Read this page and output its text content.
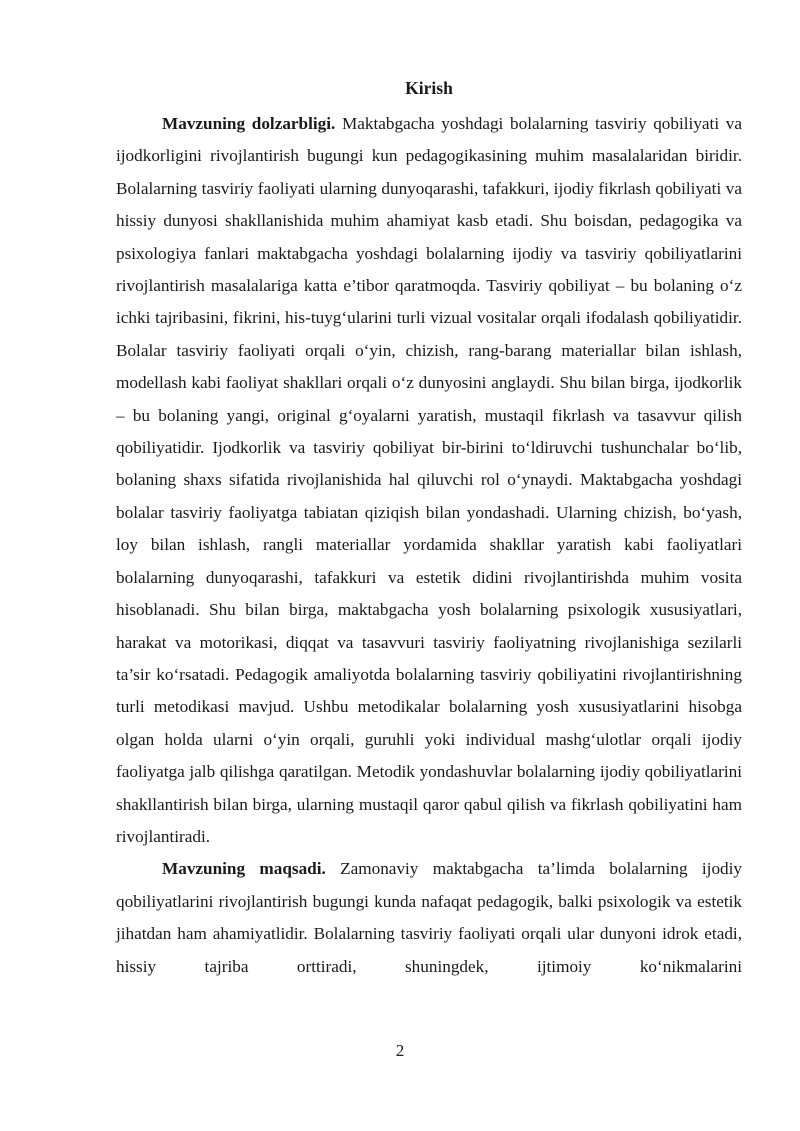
Kirish

Mavzuning dolzarbligi. Maktabgacha yoshdagi bolalarning tasviriy qobiliyati va ijodkorligini rivojlantirish bugungi kun pedagogikasining muhim masalalaridan biridir. Bolalarning tasviriy faoliyati ularning dunyoqarashi, tafakkuri, ijodiy fikrlash qobiliyati va hissiy dunyosi shakllanishida muhim ahamiyat kasb etadi. Shu boisdan, pedagogika va psixologiya fanlari maktabgacha yoshdagi bolalarning ijodiy va tasviriy qobiliyatlarini rivojlantirish masalalariga katta e’tibor qaratmoqda. Tasviriy qobiliyat – bu bolaning o‘z ichki tajribasini, fikrini, his-tuyg‘ularini turli vizual vositalar orqali ifodalash qobiliyatidir. Bolalar tasviriy faoliyati orqali o‘yin, chizish, rang-barang materiallar bilan ishlash, modellash kabi faoliyat shakllari orqali o‘z dunyosini anglaydi. Shu bilan birga, ijodkorlik – bu bolaning yangi, original g‘oyalarni yaratish, mustaqil fikrlash va tasavvur qilish qobiliyatidir. Ijodkorlik va tasviriy qobiliyat bir-birini to‘ldiruvchi tushunchalar bo‘lib, bolaning shaxs sifatida rivojlanishida hal qiluvchi rol o‘ynaydi. Maktabgacha yoshdagi bolalar tasviriy faoliyatga tabiatan qiziqish bilan yondashadi. Ularning chizish, bo‘yash, loy bilan ishlash, rangli materiallar yordamida shakllar yaratish kabi faoliyatlari bolalarning dunyoqarashi, tafakkuri va estetik didini rivojlantirishda muhim vosita hisoblanadi. Shu bilan birga, maktabgacha yosh bolalarning psixologik xususiyatlari, harakat va motorikasi, diqqat va tasavvuri tasviriy faoliyatning rivojlanishiga sezilarli ta’sir ko‘rsatadi. Pedagogik amaliyotda bolalarning tasviriy qobiliyatini rivojlantirishning turli metodikasi mavjud. Ushbu metodikalar bolalarning yosh xususiyatlarini hisobga olgan holda ularni o‘yin orqali, guruhli yoki individual mashg‘ulotlar orqali ijodiy faoliyatga jalb qilishga qaratilgan. Metodik yondashuvlar bolalarning ijodiy qobiliyatlarini shakllantirish bilan birga, ularning mustaqil qaror qabul qilish va fikrlash qobiliyatini ham rivojlantiradi.

Mavzuning maqsadi. Zamonaviy maktabgacha ta’limda bolalarning ijodiy qobiliyatlarini rivojlantirish bugungi kunda nafaqat pedagogik, balki psixologik va estetik jihatdan ham ahamiyatlidir. Bolalarning tasviriy faoliyati orqali ular dunyoni idrok etadi, hissiy tajriba orttiradi, shuningdek, ijtimoiy ko‘nikmalarini

2
